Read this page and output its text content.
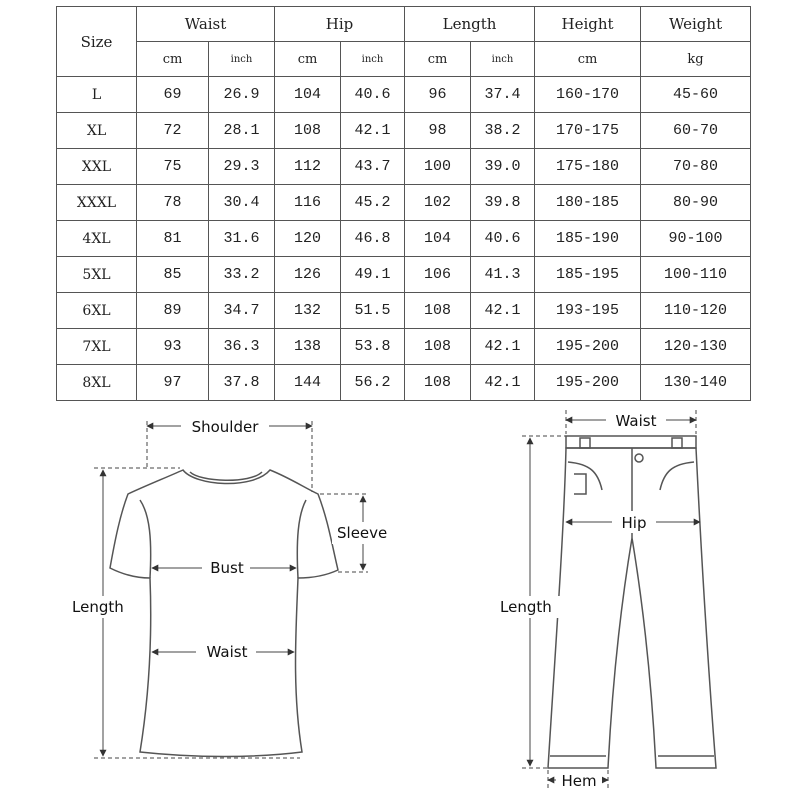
Size	Waist		Hip		Length		Height	Weight
	cm	inch	cm	inch	cm	inch	cm	kg
L	69	26.9	104	40.6	96	37.4	160-170	45-60
XL	72	28.1	108	42.1	98	38.2	170-175	60-70
XXL	75	29.3	112	43.7	100	39.0	175-180	70-80
XXXL	78	30.4	116	45.2	102	39.8	180-185	80-90
4XL	81	31.6	120	46.8	104	40.6	185-190	90-100
5XL	85	33.2	126	49.1	106	41.3	185-195	100-110
6XL	89	34.7	132	51.5	108	42.1	193-195	110-120
7XL	93	36.3	138	53.8	108	42.1	195-200	120-130
8XL	97	37.8	144	56.2	108	42.1	195-200	130-140
Shoulder
Sleeve
Bust
Length
Waist
Waist
Hip
Length
Hem
